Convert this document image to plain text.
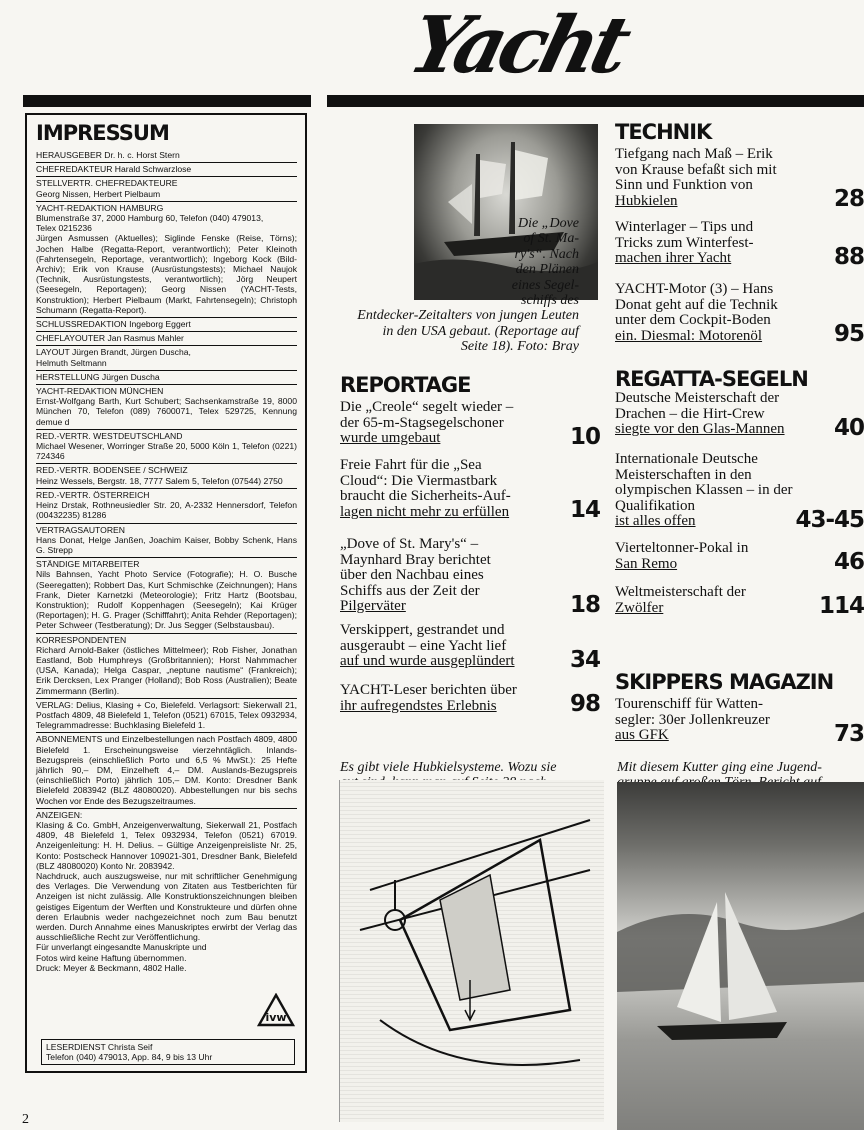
Yacht
IMPRESSUM
HERAUSGEBER Dr. h. c. Horst Stern
CHEFREDAKTEUR Harald Schwarzlose
STELLVERTR. CHEFREDAKTEURE
Georg Nissen, Herbert Pielbaum
YACHT-REDAKTION HAMBURG
Blumenstraße 37, 2000 Hamburg 60, Telefon (040) 479013,
Telex 0215236
Jürgen Asmussen (Aktuelles); Siglinde Fenske (Reise, Törns); Jochen Halbe (Regatta-Report, verantwortlich); Peter Kleinoth (Fahrtensegeln, Reportage, verantwortlich); Ingeborg Kock (Bild-Archiv); Erik von Krause (Ausrüstungstests); Michael Naujok (Technik, Ausrüstungstests, verantwortlich); Jörg Neupert (Seesegeln, Reportagen); Georg Nissen (YACHT-Tests, Konstruktion); Herbert Pielbaum (Markt, Fahrtensegeln); Christoph Schumann (Regatta-Report).
SCHLUSSREDAKTION Ingeborg Eggert
CHEFLAYOUTER Jan Rasmus Mahler
LAYOUT Jürgen Brandt, Jürgen Duscha,
Helmuth Seltmann
HERSTELLUNG Jürgen Duscha
YACHT-REDAKTION MÜNCHEN
Ernst-Wolfgang Barth, Kurt Schubert; Sachsenkamstraße 19, 8000 München 70, Telefon (089) 7600071, Telex 529725, Kennung demue d
RED.-VERTR. WESTDEUTSCHLAND
Michael Wesener, Worringer Straße 20, 5000 Köln 1, Telefon (0221) 724346
RED.-VERTR. BODENSEE / SCHWEIZ
Heinz Wessels, Bergstr. 18, 7777 Salem 5, Telefon (07544) 2750
RED.-VERTR. ÖSTERREICH
Heinz Drstak, Rothneusiedler Str. 20, A-2332 Hennersdorf, Telefon (00432235) 81286
VERTRAGSAUTOREN
Hans Donat, Helge Janßen, Joachim Kaiser, Bobby Schenk, Hans G. Strepp
STÄNDIGE MITARBEITER
Nils Bahnsen, Yacht Photo Service (Fotografie); H. O. Busche (Seeregatten); Robbert Das, Kurt Schmischke (Zeichnungen); Hans Frank, Dieter Karnetzki (Meteorologie); Fritz Hartz (Bootsbau, Konstruktion); Rudolf Koppenhagen (Seesegeln); Kai Krüger (Reportagen); H. G. Prager (Schifffahrt); Anita Rehder (Reportagen); Peter Schweer (Testberatung); Dr. Jus Segger (Selbstausbau).
KORRESPONDENTEN
Richard Arnold-Baker (östliches Mittelmeer); Rob Fisher, Jonathan Eastland, Bob Humphreys (Großbritannien); Horst Nahmmacher (USA, Kanada); Helga Caspar, „neptune nautisme“ (Frankreich); Erik Dercksen, Lex Pranger (Holland); Bob Ross (Australien); Beate Zimmermann (Berlin).
VERLAG: Delius, Klasing + Co, Bielefeld. Verlagsort: Siekerwall 21, Postfach 4809, 48 Bielefeld 1, Telefon (0521) 67015, Telex 0932934, Telegrammadresse: Buchklasing Bielefeld 1.
ABONNEMENTS und Einzelbestellungen nach Postfach 4809, 4800 Bielefeld 1. Erscheinungsweise vierzehntäglich. Inlands-Bezugspreis (einschließlich Porto und 6,5 % MwSt.): 25 Hefte jährlich 90,– DM, Einzelheft 4,– DM. Auslands-Bezugspreis (einschließlich Porto) jährlich 105,– DM. Konto: Dresdner Bank Bielefeld 2083942 (BLZ 48080020). Abbestellungen nur bis sechs Wochen vor Ende des Bezugszeitraumes.
ANZEIGEN:
Klasing & Co. GmbH, Anzeigenverwaltung, Siekerwall 21, Postfach 4809, 48 Bielefeld 1, Telex 0932934, Telefon (0521) 67019. Anzeigenleitung: H. H. Delius. – Gültige Anzeigenpreisliste Nr. 25, Konto: Postscheck Hannover 109021-301, Dresdner Bank, Bielefeld (BLZ 48080020) Konto Nr. 2083942.
Nachdruck, auch auszugsweise, nur mit schriftlicher Genehmigung des Verlages. Die Verwendung von Zitaten aus Testberichten für Anzeigen ist nicht zulässig. Alle Konstruktionszeichnungen bleiben geistiges Eigentum der Werften und Konstrukteure und dürfen ohne deren Erlaubnis weder nachgezeichnet noch zum Bau benutzt werden. Durch Annahme eines Manuskriptes erwirbt der Verlag das ausschließliche Recht zur Veröffentlichung.
Für unverlangt eingesandte Manuskripte und
Fotos wird keine Haftung übernommen.
Druck: Meyer & Beckmann, 4802 Halle.
ivw
LESERDIENST Christa Seif
Telefon (040) 479013, App. 84, 9 bis 13 Uhr
2
Die „Dove
of St. Ma-
ry's“. Nach
den Plänen
eines Segel-
schiffs des
Entdecker-Zeitalters von jungen Leuten
in den USA gebaut. (Reportage auf
Seite 18). Foto: Bray
REPORTAGE
Die „Creole“ segelt wieder –
der 65-m-Stagsegelschoner
wurde umgebaut	10
Freie Fahrt für die „Sea
Cloud“: Die Viermastbark
braucht die Sicherheits-Auf-
lagen nicht mehr zu erfüllen	14
„Dove of St. Mary's“ –
Maynhard Bray berichtet
über den Nachbau eines
Schiffs aus der Zeit der
Pilgerväter	18
Verskippert, gestrandet und
ausgeraubt – eine Yacht lief
auf und wurde ausgeplündert	34
YACHT-Leser berichten über
ihr aufregendstes Erlebnis	98
TECHNIK
Tiefgang nach Maß – Erik
von Krause befaßt sich mit
Sinn und Funktion von
Hubkielen	28
Winterlager – Tips und
Tricks zum Winterfest-
machen ihrer Yacht	88
YACHT-Motor (3) – Hans
Donat geht auf die Technik
unter dem Cockpit-Boden
ein. Diesmal: Motorenöl	95
REGATTA-SEGELN
Deutsche Meisterschaft der
Drachen – die Hirt-Crew
siegte vor den Glas-Mannen	40
Internationale Deutsche
Meisterschaften in den
olympischen Klassen – in der
Qualifikation
ist alles offen	43-45
Vierteltonner-Pokal in
San Remo	46
Weltmeisterschaft der
Zwölfer	114
SKIPPERS MAGAZIN
Tourenschiff für Watten-
segler: 30er Jollenkreuzer
aus GFK	73
Es gibt viele Hubkielsysteme. Wozu sie	Mit diesem Kutter ging eine Jugend-
